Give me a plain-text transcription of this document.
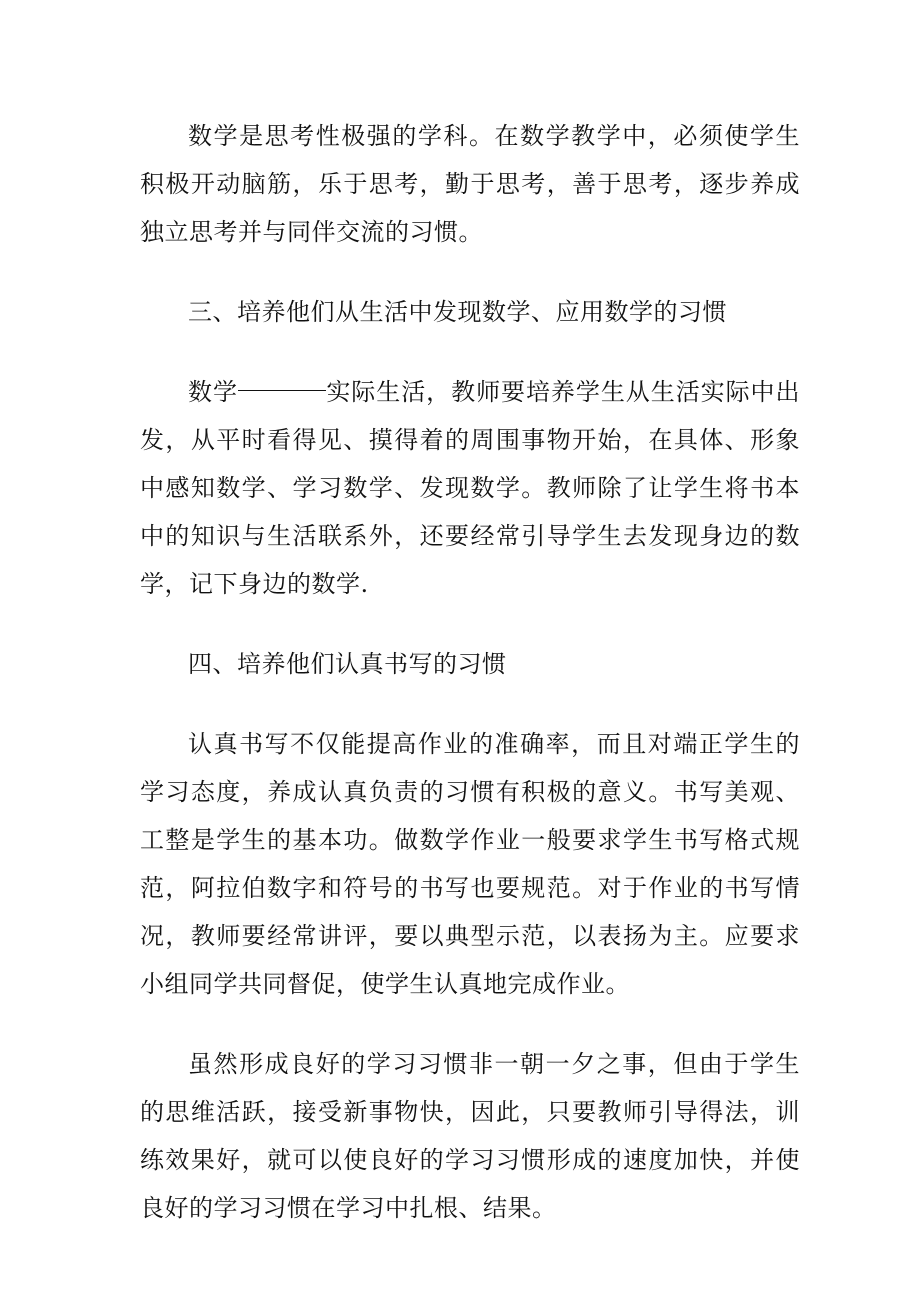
数学是思考性极强的学科。在数学教学中，必须使学生积极开动脑筋，乐于思考，勤于思考，善于思考，逐步养成独立思考并与同伴交流的习惯。

三、培养他们从生活中发现数学、应用数学的习惯

数学	实际生活，教师要培养学生从生活实际中出发，从平时看得见、摸得着的周围事物开始，在具体、形象中感知数学、学习数学、发现数学。教师除了让学生将书本中的知识与生活联系外，还要经常引导学生去发现身边的数学，记下身边的数学.

四、培养他们认真书写的习惯

认真书写不仅能提高作业的准确率，而且对端正学生的学习态度，养成认真负责的习惯有积极的意义。书写美观、工整是学生的基本功。做数学作业一般要求学生书写格式规范，阿拉伯数字和符号的书写也要规范。对于作业的书写情况，教师要经常讲评，要以典型示范，以表扬为主。应要求小组同学共同督促，使学生认真地完成作业。

虽然形成良好的学习习惯非一朝一夕之事，但由于学生的思维活跃，接受新事物快，因此，只要教师引导得法，训练效果好，就可以使良好的学习习惯形成的速度加快，并使良好的学习习惯在学习中扎根、结果。
